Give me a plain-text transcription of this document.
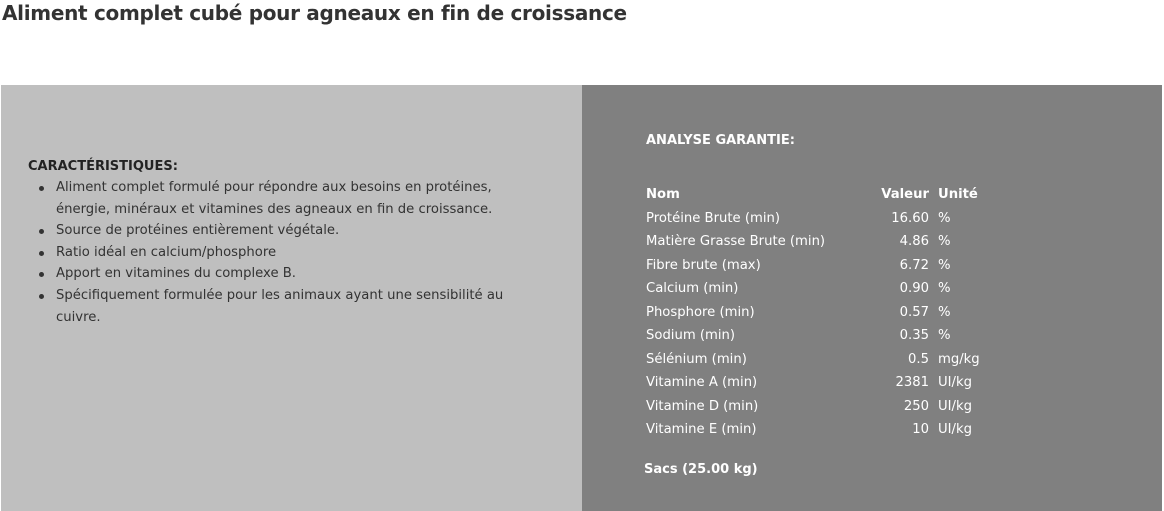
Aliment complet cubé pour agneaux en fin de croissance
CARACTÉRISTIQUES:
Aliment complet formulé pour répondre aux besoins en protéines, énergie, minéraux et vitamines des agneaux en fin de croissance.
Source de protéines entièrement végétale.
Ratio idéal en calcium/phosphore
Apport en vitamines du complexe B.
Spécifiquement formulée pour les animaux ayant une sensibilité au cuivre.
ANALYSE GARANTIE:
Nom	Valeur	Unité
Protéine Brute (min)	16.60	%
Matière Grasse Brute (min)	4.86	%
Fibre brute (max)	6.72	%
Calcium (min)	0.90	%
Phosphore (min)	0.57	%
Sodium (min)	0.35	%
Sélénium (min)	0.5	mg/kg
Vitamine A (min)	2381	UI/kg
Vitamine D (min)	250	UI/kg
Vitamine E (min)	10	UI/kg
Sacs (25.00 kg)
